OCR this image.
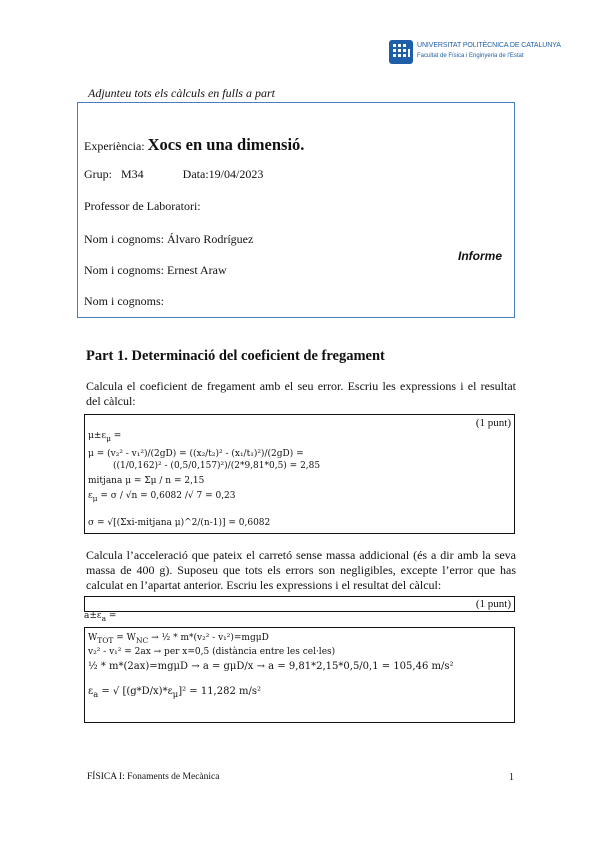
UNIVERSITAT POLITÈCNICA DE CATALUNYA
Facultat de Física i Enginyeria de l'Estat
Adjunteu tots els càlculs en fulls a part
Experiència: Xocs en una dimensió.
Grup: M34	Data:19/04/2023
Professor de Laboratori:
Nom i cognoms: Álvaro Rodríguez
Nom i cognoms: Ernest Araw
Nom i cognoms:
Informe
Part 1. Determinació del coeficient de fregament
Calcula el coeficient de fregament amb el seu error. Escriu les expressions i el resultat del càlcul:
(1 punt)
$\mu\pm\varepsilon_\mu$ =
μ = (v₂² - v₁²)/(2gD) = ((x₂/t₂)² - (x₁/t₁)²)/(2gD) =
((1/0,162)² - (0,5/0,157)²)/(2*9,81*0,5) = 2,85
mitjana μ = Σμ / n = 2,15
$\varepsilon_\mu = \sigma / √n = 0,6082$ /√ 7 = 0,23
σ = √[(Σxi-mitjana μ)^2/(n-1)] = 0,6082
Calcula l’acceleració que pateix el carretó sense massa addicional (és a dir amb la seva massa de 400 g). Suposeu que tots els errors son negligibles, excepte l’error que has calculat en l’apartat anterior. Escriu les expressions i el resultat del càlcul:
(1 punt)
$a\pm\varepsilon_a$ =
$W_{TOT} = W_{NC}$ → ½ * m*(v₂² - v₁²)=mgμD
v₂² - v₁² = 2ax → per x=0,5 (distància entre les cel·les)
½ * m*(2ax)=mgμD → a = gμD/x → a = 9,81*2,15*0,5/0,1 = 105,46 m/s²
$\varepsilon_a$ = √ $[(g*D/x)*\varepsilon_\mu]^2 = 11,282$ m/s²
FÍSICA I: Fonaments de Mecànica	1
